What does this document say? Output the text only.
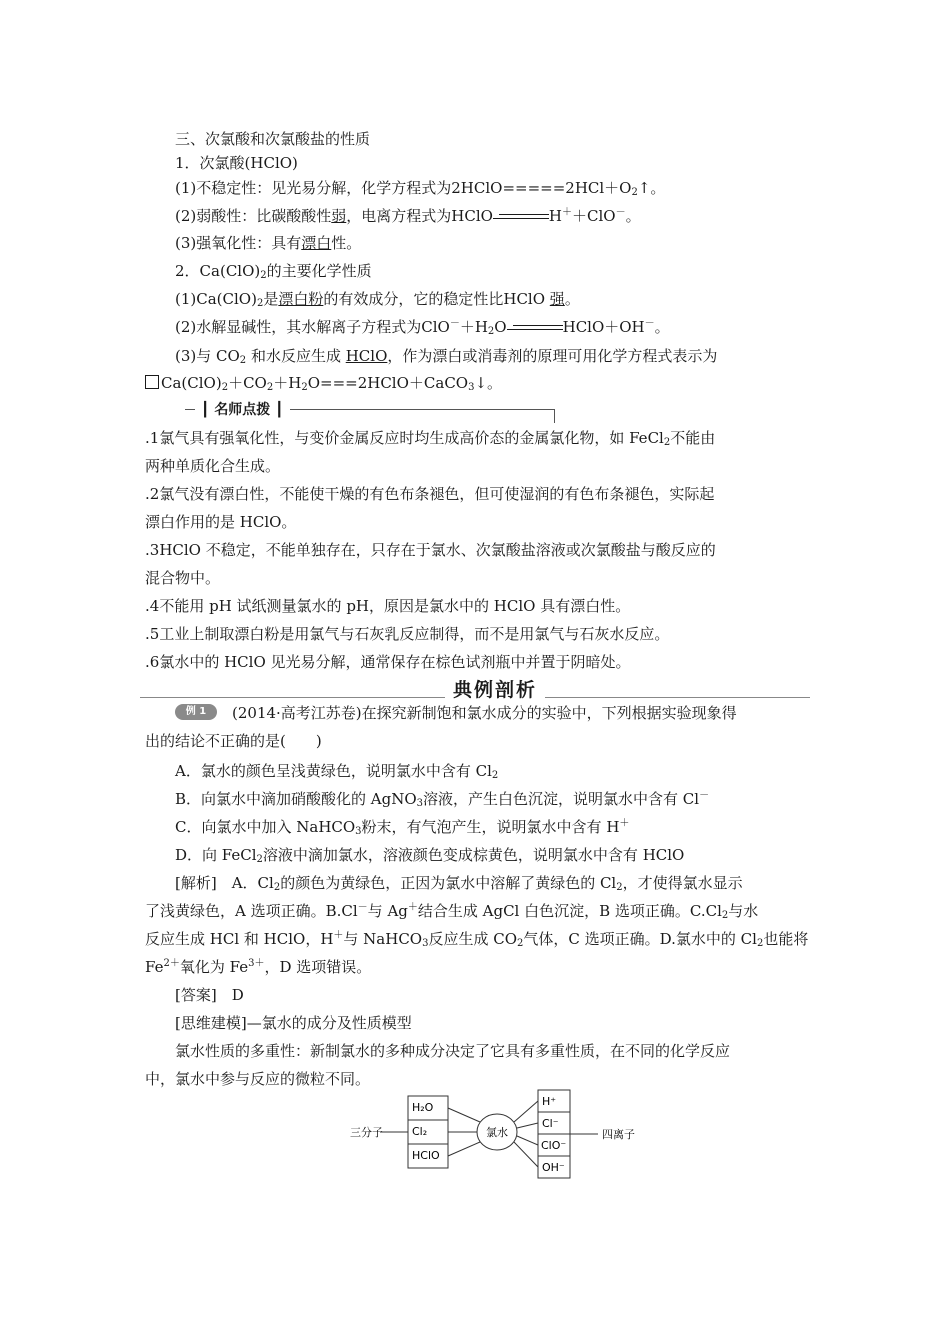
三、次氯酸和次氯酸盐的性质
1．次氯酸(HClO)
(1)不稳定性：见光易分解，化学方程式为$2HClO=====2HCl+O_2↑$。
(2)弱酸性：比碳酸酸性弱，电离方程式为HClO	H＋＋ClO－。
(3)强氧化性：具有漂白性。
2．$Ca(ClO)_2$的主要化学性质
$(1)Ca(ClO)_2$是漂白粉的有效成分，它的稳定性比HClO 强。
(2)水解显碱性，其水解离子方程式为$ClO^-+H_2O$	HClO＋OH－。
(3)与 $CO_2$ 和水反应生成 HClO，作为漂白或消毒剂的原理可用化学方程式表示为
$Ca(ClO)_2+CO_2+H_2O===2HClO+CaCO_3↓$。
┃ 名师点拨 ┃
.1氯气具有强氧化性，与变价金属反应时均生成高价态的金属氯化物，如 FeCl$_2$不能由
两种单质化合生成。
.2氯气没有漂白性，不能使干燥的有色布条褪色，但可使湿润的有色布条褪色，实际起
漂白作用的是 HClO。
.3HClO 不稳定，不能单独存在，只存在于氯水、次氯酸盐溶液或次氯酸盐与酸反应的
混合物中。
.4不能用 pH 试纸测量氯水的 pH，原因是氯水中的 HClO 具有漂白性。
.5工业上制取漂白粉是用氯气与石灰乳反应制得，而不是用氯气与石灰水反应。
.6氯水中的 HClO 见光易分解，通常保存在棕色试剂瓶中并置于阴暗处。
典例剖析
例 1	(2014·高考江苏卷)在探究新制饱和氯水成分的实验中，下列根据实验现象得
出的结论不正确的是(　　)
A．氯水的颜色呈浅黄绿色，说明氯水中含有 $Cl_2$
B．向氯水中滴加硝酸酸化的 AgNO$_3$溶液，产生白色沉淀，说明氯水中含有 Cl－
C．向氯水中加入 NaHCO$_3$粉末，有气泡产生，说明氯水中含有 H＋
D．向 FeCl$_2$溶液中滴加氯水，溶液颜色变成棕黄色，说明氯水中含有 HClO
[解析]　A．$Cl_2$的颜色为黄绿色，正因为氯水中溶解了黄绿色的 $Cl_2$，才使得氯水显示
了浅黄绿色，A 选项正确。B.Cl－与 Ag＋结合生成 AgCl 白色沉淀，B 选项正确。$C.Cl_2$与水
反应生成 HCl 和 HClO，H＋与 NaHCO$_3$反应生成 $CO_2$气体，C 选项正确。D.氯水中的 $Cl_2$也能将
$Fe^{2+}$氧化为 $Fe^{3+}$，D 选项错误。
[答案]　D
[思维建模]—氯水的成分及性质模型
氯水性质的多重性：新制氯水的多种成分决定了它具有多重性质，在不同的化学反应
中，氯水中参与反应的微粒不同。
H₂O
Cl₂
HClO
三分子	氯水
H⁺
Cl⁻
ClO⁻
OH⁻
四离子
